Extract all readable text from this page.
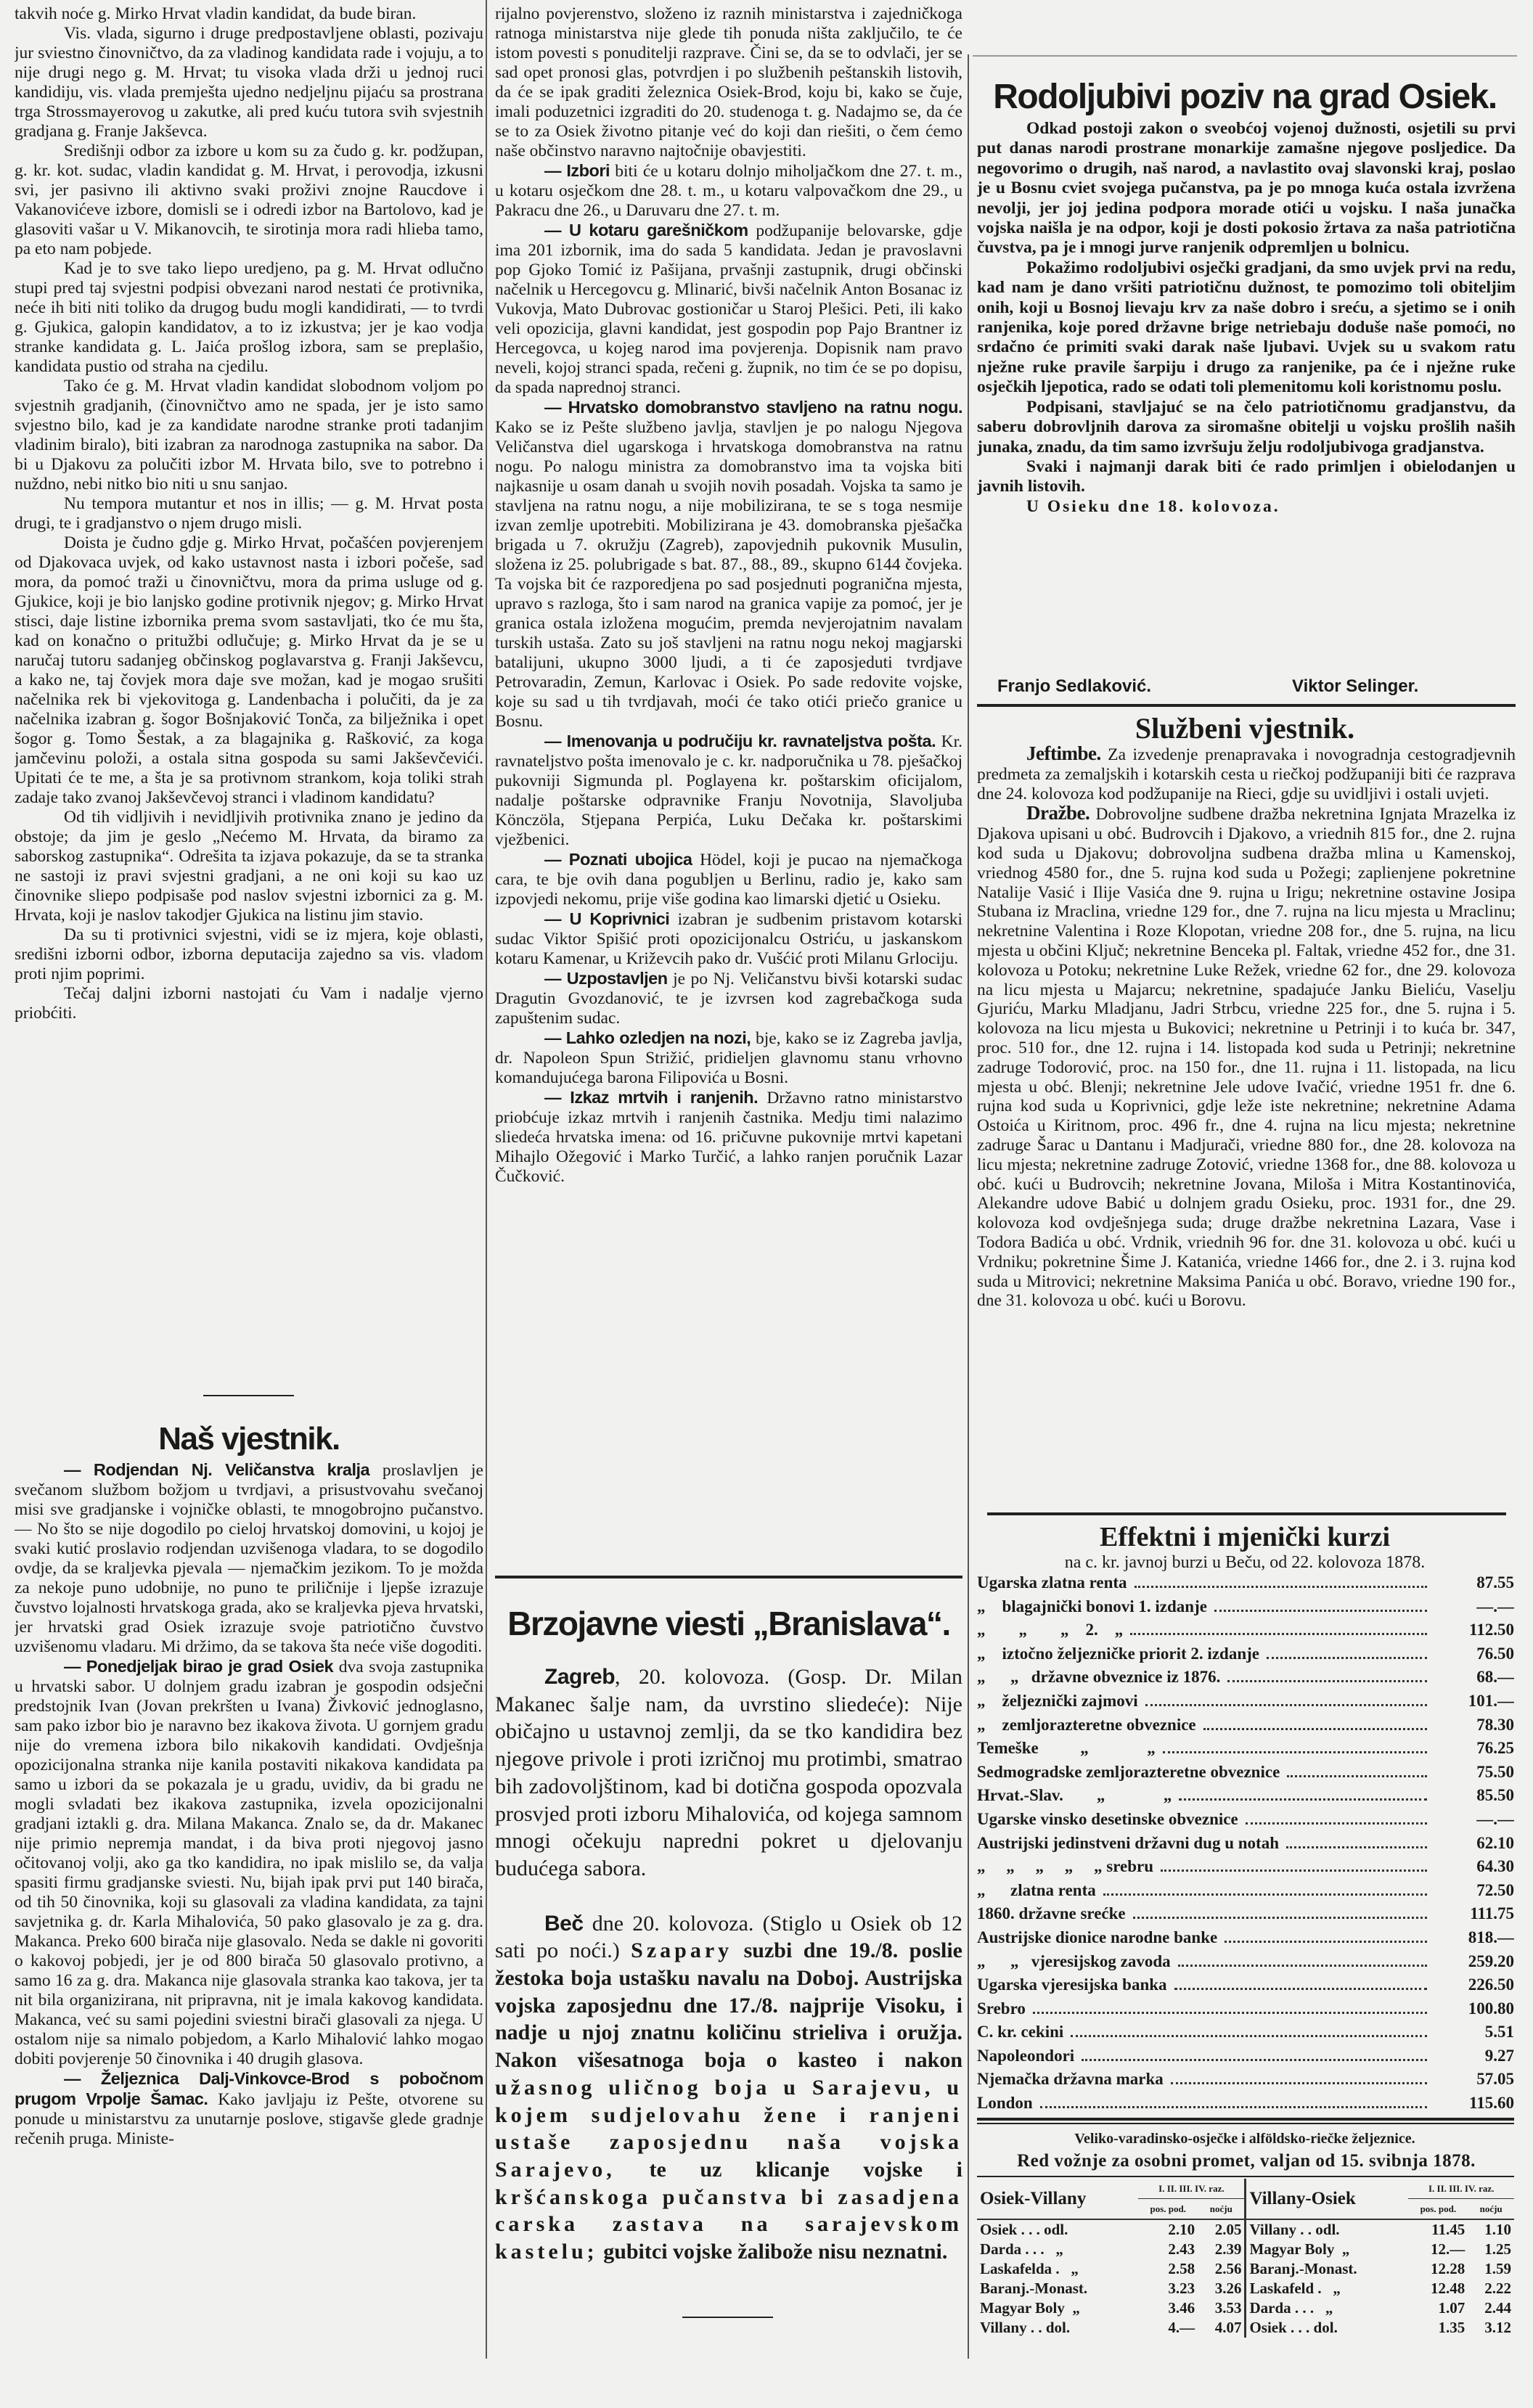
takvih noće g. Mirko Hrvat vladin kandidat, da bude biran.

Vis. vlada, sigurno i druge predpostavljene oblasti, pozivaju jur sviestno činovničtvo, da za vladinog kandidata rade i vojuju, a to nije drugi nego g. M. Hrvat; tu visoka vlada drži u jednoj ruci kandidiju, vis. vlada premješta ujedno nedjeljnu pijaću sa prostrana trga Strossmayerovog u zakutke, ali pred kuću tutora svih svjestnih gradjana g. Franje Jakševca.

Središnji odbor za izbore u kom su za čudo g. kr. podžupan, g. kr. kot. sudac, vladin kandidat g. M. Hrvat, i perovodja, izkusni svi, jer pasivno ili aktivno svaki proživi znojne Raucdove i Vakanovićeve izbore, domisli se i odredi izbor na Bartolovo, kad je glasoviti vašar u V. Mikanovcih, te sirotinja mora radi hlieba tamo, pa eto nam pobjede.

Kad je to sve tako liepo uredjeno, pa g. M. Hrvat odlučno stupi pred taj svjestni podpisi obvezani narod nestati će protivnika, neće ih biti niti toliko da drugog budu mogli kandidirati, — to tvrdi g. Gjukica, galopin kandidatov, a to iz izkustva; jer je kao vodja stranke kandidata g. L. Jaića prošlog izbora, sam se preplašio, kandidata pustio od straha na cjedilu.

Tako će g. M. Hrvat vladin kandidat slobodnom voljom po svjestnih gradjanih, (činovničtvo amo ne spada, jer je isto samo svjestno bilo, kad je za kandidate narodne stranke proti tadanjim vladinim biralo), biti izabran za narodnoga zastupnika na sabor. Da bi u Djakovu za polučiti izbor M. Hrvata bilo, sve to potrebno i nuždno, nebi nitko bio niti u snu sanjao.

Nu tempora mutantur et nos in illis; — g. M. Hrvat posta drugi, te i gradjanstvo o njem drugo misli.

Doista je čudno gdje g. Mirko Hrvat, počašćen povjerenjem od Djakovaca uvjek, od kako ustavnost nasta i izbori počeše, sad mora, da pomoć traži u činovničtvu, mora da prima usluge od g. Gjukice, koji je bio lanjsko godine protivnik njegov; g. Mirko Hrvat stisci, daje listine izbornika prema svom sastavljati, tko će mu šta, kad on konačno o pritužbi odlučuje; g. Mirko Hrvat da je se u naručaj tutoru sadanjeg občinskog poglavarstva g. Franji Jakševcu, a kako ne, taj čovjek mora daje sve možan, kad je mogao srušiti načelnika rek bi vjekovitoga g. Landenbacha i polučiti, da je za načelnika izabran g. šogor Bošnjaković Tonča, za bilježnika i opet šogor g. Tomo Šestak, a za blagajnika g. Rašković, za koga jamčevinu položi, a ostala sitna gospoda su sami Jakševčevići. Upitati će te me, a šta je sa protivnom strankom, koja toliki strah zadaje tako zvanoj Jakševčevoj stranci i vladinom kandidatu?

Od tih vidljivih i nevidljivih protivnika znano je jedino da obstoje; da jim je geslo „Nećemo M. Hrvata, da biramo za saborskog zastupnika“. Odrešita ta izjava pokazuje, da se ta stranka ne sastoji iz pravi svjestni gradjani, a ne oni koji su kao uz činovnike sliepo podpisaše pod naslov svjestni izbornici za g. M. Hrvata, koji je naslov takodjer Gjukica na listinu jim stavio.

Da su ti protivnici svjestni, vidi se iz mjera, koje oblasti, središni izborni odbor, izborna deputacija zajedno sa vis. vladom proti njim poprimi.

Tečaj daljni izborni nastojati ću Vam i nadalje vjerno priobćiti.

Naš vjestnik.

— Rodjendan Nj. Veličanstva kralja proslavljen je svečanom službom božjom u tvrdjavi, a prisustvovahu svečanoj misi sve gradjanske i vojničke oblasti, te mnogobrojno pučanstvo. — No što se nije dogodilo po cieloj hrvatskoj domovini, u kojoj je svaki kutić proslavio rodjendan uzvišenoga vladara, to se dogodilo ovdje, da se kraljevka pjevala — njemačkim jezikom. To je možda za nekoje puno udobnije, no puno te priličnije i ljepše izrazuje čuvstvo lojalnosti hrvatskoga grada, ako se kraljevka pjeva hrvatski, jer hrvatski grad Osiek izrazuje svoje patriotično čuvstvo uzvišenomu vladaru. Mi držimo, da se takova šta neće više dogoditi.

— Ponedjeljak birao je grad Osiek dva svoja zastupnika u hrvatski sabor. U dolnjem gradu izabran je gospodin odsječni predstojnik Ivan (Jovan prekršten u Ivana) Živković jednoglasno, sam pako izbor bio je naravno bez ikakova života. U gornjem gradu nije do vremena izbora bilo nikakovih kandidati. Ovdješnja opozicijonalna stranka nije kanila postaviti nikakova kandidata pa samo u izbori da se pokazala je u gradu, uvidiv, da bi gradu ne mogli svladati bez ikakova zastupnika, izvela opozicijonalni gradjani iztakli g. dra. Milana Makanca. Znalo se, da dr. Makanec nije primio nepremja mandat, i da biva proti njegovoj jasno očitovanoj volji, ako ga tko kandidira, no ipak mislilo se, da valja spasiti firmu gradjanske sviesti. Nu, bijah ipak prvi put 140 birača, od tih 50 činovnika, koji su glasovali za vladina kandidata, za tajni savjetnika g. dr. Karla Mihalovića, 50 pako glasovalo je za g. dra. Makanca. Preko 600 birača nije glasovalo. Neda se dakle ni govoriti o kakovoj pobjedi, jer je od 800 birača 50 glasovalo protivno, a samo 16 za g. dra. Makanca nije glasovala stranka kao takova, jer ta nit bila organizirana, nit pripravna, nit je imala kakovog kandidata. Makanca, već su sami pojedini sviestni birači glasovali za njega. U ostalom nije sa nimalo pobjedom, a Karlo Mihalović lahko mogao dobiti povjerenje 50 činovnika i 40 drugih glasova.

— Željeznica Dalj-Vinkovce-Brod s pobočnom prugom Vrpolje Šamac. Kako javljaju iz Pešte, otvorene su ponude u ministarstvu za unutarnje poslove, stigavše glede gradnje rečenih pruga. Ministe-

rijalno povjerenstvo, složeno iz raznih ministarstva i zajedničkoga ratnoga ministarstva nije glede tih ponuda ništa zaključilo, te će istom povesti s ponuditelji razprave. Čini se, da se to odvlači, jer se sad opet pronosi glas, potvrdjen i po službenih peštanskih listovih, da će se ipak graditi železnica Osiek-Brod, koju bi, kako se čuje, imali poduzetnici izgraditi do 20. studenoga t. g. Nadajmo se, da će se to za Osiek životno pitanje već do koji dan riešiti, o čem ćemo naše občinstvo naravno najtočnije obavjestiti.

— Izbori biti će u kotaru dolnjo miholjačkom dne 27. t. m., u kotaru osječkom dne 28. t. m., u kotaru valpovačkom dne 29., u Pakracu dne 26., u Daruvaru dne 27. t. m.

— U kotaru garešničkom podžupanije belovarske, gdje ima 201 izbornik, ima do sada 5 kandidata. Jedan je pravoslavni pop Gjoko Tomić iz Pašijana, prvašnji zastupnik, drugi občinski načelnik u Hercegovcu g. Mlinarić, bivši načelnik Anton Bosanac iz Vukovja, Mato Dubrovac gostioničar u Staroj Plešici. Peti, ili kako veli opozicija, glavni kandidat, jest gospodin pop Pajo Brantner iz Hercegovca, u kojeg narod ima povjerenja. Dopisnik nam pravo neveli, kojoj stranci spada, rečeni g. župnik, no tim će se po dopisu, da spada naprednoj stranci.

— Hrvatsko domobranstvo stavljeno na ratnu nogu. Kako se iz Pešte službeno javlja, stavljen je po nalogu Njegova Veličanstva diel ugarskoga i hrvatskoga domobranstva na ratnu nogu. Po nalogu ministra za domobranstvo ima ta vojska biti najkasnije u osam danah u svojih novih posadah. Vojska ta samo je stavljena na ratnu nogu, a nije mobilizirana, te se s toga nesmije izvan zemlje upotrebiti. Mobilizirana je 43. domobranska pješačka brigada u 7. okružju (Zagreb), zapovjednih pukovnik Musulin, složena iz 25. polubrigade s bat. 87., 88., 89., skupno 6144 čovjeka. Ta vojska bit će razporedjena po sad posjednuti pogranična mjesta, upravo s razloga, što i sam narod na granica vapije za pomoć, jer je granica ostala izložena mogućim, premda nevjerojatnim navalam turskih ustaša. Zato su još stavljeni na ratnu nogu nekoj magjarski batalijuni, ukupno 3000 ljudi, a ti će zaposjeduti tvrdjave Petrovaradin, Zemun, Karlovac i Osiek. Po sade redovite vojske, koje su sad u tih tvrdjavah, moći će tako otići priečo granice u Bosnu.

— Imenovanja u područiju kr. ravnateljstva pošta. Kr. ravnateljstvo pošta imenovalo je c. kr. nadporučnika u 78. pješačkoj pukovniji Sigmunda pl. Poglayena kr. poštarskim oficijalom, nadalje poštarske odpravnike Franju Novotnija, Slavoljuba Könczöla, Stjepana Perpića, Luku Dečaka kr. poštarskimi vježbenici.

— Poznati ubojica Hödel, koji je pucao na njemačkoga cara, te bje ovih dana pogubljen u Berlinu, radio je, kako sam izpovjedi nekomu, prije više godina kao limarski djetić u Osieku.

— U Koprivnici izabran je sudbenim pristavom kotarski sudac Viktor Spišić proti opozicijonalcu Ostriću, u jaskanskom kotaru Kamenar, u Križevcih pako dr. Vušćić proti Milanu Grlociju.

— Uzpostavljen je po Nj. Veličanstvu bivši kotarski sudac Dragutin Gvozdanović, te je izvrsen kod zagrebačkoga suda zapuštenim sudac.

— Lahko ozledjen na nozi, bje, kako se iz Zagreba javlja, dr. Napoleon Spun Strižić, pridieljen glavnomu stanu vrhovno komandujućega barona Filipovića u Bosni.

— Izkaz mrtvih i ranjenih. Državno ratno ministarstvo priobćuje izkaz mrtvih i ranjenih častnika. Medju timi nalazimo sliedeća hrvatska imena: od 16. pričuvne pukovnije mrtvi kapetani Mihajlo Ožegović i Marko Turčić, a lahko ranjen poručnik Lazar Čučković.

Brzojavne viesti „Branislava“.

Zagreb, 20. kolovoza. (Gosp. Dr. Milan Makanec šalje nam, da uvrstino sliedeće): Nije običajno u ustavnoj zemlji, da se tko kandidira bez njegove privole i proti izričnoj mu protimbi, smatrao bih zadovoljštinom, kad bi dotična gospoda opozvala prosvjed proti izboru Mihalovića, od kojega samnom mnogi očekuju napredni pokret u djelovanju budućega sabora.

Beč dne 20. kolovoza. (Stiglo u Osiek ob 12 sati po noći.) Szapary suzbi dne 19./8. poslie žestoka boja ustašku navalu na Doboj. Austrijska vojska zaposjednu dne 17./8. najprije Visoku, i nadje u njoj znatnu količinu strieliva i oružja. Nakon višesatnoga boja o kasteo i nakon užasnog uličnog boja u Sarajevu, u kojem sudjelovahu žene i ranjeni ustaše zaposjednu naša vojska Sarajevo, te uz klicanje vojske i kršćanskoga pučanstva bi zasadjena carska zastava na sarajevskom kastelu; gubitci vojske žalibože nisu neznatni.

Rodoljubivi poziv na grad Osiek.

Odkad postoji zakon o sveobćoj vojenoj dužnosti, osjetili su prvi put danas narodi prostrane monarkije zamašne njegove posljedice. Da negovorimo o drugih, naš narod, a navlastito ovaj slavonski kraj, poslao je u Bosnu cviet svojega pučanstva, pa je po mnoga kuća ostala izvržena nevolji, jer joj jedina podpora morade otići u vojsku. I naša junačka vojska naišla je na odpor, koji je dosti pokosio žrtava za naša patriotična čuvstva, pa je i mnogi jurve ranjenik odpremljen u bolnicu.

Pokažimo rodoljubivi osječki gradjani, da smo uvjek prvi na redu, kad nam je dano vršiti patriotičnu dužnost, te pomozimo toli obiteljim onih, koji u Bosnoj lievaju krv za naše dobro i sreću, a sjetimo se i onih ranjenika, koje pored državne brige netriebaju doduše naše pomoći, no srdačno će primiti svaki darak naše ljubavi. Uvjek su u svakom ratu nježne ruke pravile šarpiju i drugo za ranjenike, pa će i nježne ruke osječkih ljepotica, rado se odati toli plemenitomu koli koristnomu poslu.

Podpisani, stavljajuć se na čelo patriotičnomu gradjanstvu, da saberu dobrovljnih darova za siromašne obitelji u vojsku prošlih naših junaka, znadu, da tim samo izvršuju želju rodoljubivoga gradjanstva.

Svaki i najmanji darak biti će rado primljen i obielodanjen u javnih listovih.

U Osieku dne 18. kolovoza.

Franjo Sedlaković.	Viktor Selinger.
Službeni vjestnik.

Jeftimbe. Za izvedenje prenapravaka i novogradnja cestogradjevnih predmeta za zemaljskih i kotarskih cesta u riečkoj podžupaniji biti će razprava dne 24. kolovoza kod podžupanije na Rieci, gdje su uvidljivi i ostali uvjeti.

Dražbe. Dobrovoljne sudbene dražba nekretnina Ignjata Mrazelka iz Djakova upisani u obć. Budrovcih i Djakovo, a vriednih 815 for., dne 2. rujna kod suda u Djakovu; dobrovoljna sudbena dražba mlina u Kamenskoj, vriednog 4580 for., dne 5. rujna kod suda u Požegi; zaplienjene pokretnine Natalije Vasić i Ilije Vasića dne 9. rujna u Irigu; nekretnine ostavine Josipa Stubana iz Mraclina, vriedne 129 for., dne 7. rujna na licu mjesta u Mraclinu; nekretnine Valentina i Roze Klopotan, vriedne 208 for., dne 5. rujna, na licu mjesta u občini Ključ; nekretnine Benceka pl. Faltak, vriedne 452 for., dne 31. kolovoza u Potoku; nekretnine Luke Režek, vriedne 62 for., dne 29. kolovoza na licu mjesta u Majarcu; nekretnine, spadajuće Janku Bieliću, Vaselju Gjuriću, Marku Mladjanu, Jadri Strbcu, vriedne 225 for., dne 5. rujna i 5. kolovoza na licu mjesta u Bukovici; nekretnine u Petrinji i to kuća br. 347, proc. 510 for., dne 12. rujna i 14. listopada kod suda u Petrinji; nekretnine zadruge Todorović, proc. na 150 for., dne 11. rujna i 11. listopada, na licu mjesta u obć. Blenji; nekretnine Jele udove Ivačić, vriedne 1951 fr. dne 6. rujna kod suda u Koprivnici, gdje leže iste nekretnine; nekretnine Adama Ostoića u Kiritnom, proc. 496 fr., dne 4. rujna na licu mjesta; nekretnine zadruge Šarac u Dantanu i Madjurači, vriedne 880 for., dne 28. kolovoza na licu mjesta; nekretnine zadruge Zotović, vriedne 1368 for., dne 88. kolovoza u obć. kući u Budrovcih; nekretnine Jovana, Miloša i Mitra Kostantinovića, Alekandre udove Babić u dolnjem gradu Osieku, proc. 1931 for., dne 29. kolovoza kod ovdješnjega suda; druge dražbe nekretnina Lazara, Vase i Todora Badića u obć. Vrdnik, vriednih 96 for. dne 31. kolovoza u obć. kući u Vrdniku; pokretnine Šime J. Katanića, vriedne 1466 for., dne 2. i 3. rujna kod suda u Mitrovici; nekretnine Maksima Panića u obć. Boravo, vriedne 190 for., dne 31. kolovoza u obć. kući u Borovu.

Effektni i mjenički kurzi
na c. kr. javnoj burzi u Beču, od 22. kolovoza 1878.
Ugarska zlatna renta	87.55
„    blagajnički bonovi 1. izdanje	—.—
„        „        „    2.    „	112.50
„    iztočno željezničke priorit 2. izdanje	76.50
„      „   državne obveznice iz 1876.	68.—
„    željeznički zajmovi	101.—
„    zemljorazteretne obveznice	78.30
Temeške          „              „	76.25
Sedmogradske zemljorazteretne obveznice	75.50
Hrvat.-Slav.        „              „	85.50
Ugarske vinsko desetinske obveznice	—.—
Austrijski jedinstveni državni dug u notah	62.10
„     „     „     „     „ srebru	64.30
„      zlatna renta	72.50
1860. državne srećke	111.75
Austrijske dionice narodne banke	818.—
„      „   vjeresijskog zavoda	259.20
Ugarska vjeresijska banka	226.50
Srebro	100.80
C. kr. cekini	5.51
Napoleondori	9.27
Njemačka državna marka	57.05
London	115.60
Veliko-varadinsko-osječke i alföldsko-riečke željeznice.
Red vožnje za osobni promet, valjan od 15. svibnja 1878.
Osiek-Villany	I. II. III. IV. raz.		Villany-Osiek	I. II. III. IV. raz.	
	pos. pod.	noćju		pos. pod.	noćju
Osiek . . . odl.	2.10	2.05	Villany . . odl.	11.45	1.10
Darda . . .   „	2.43	2.39	Magyar Boly  „	12.—	1.25
Laskafelda .   „	2.58	2.56	Baranj.-Monast.	12.28	1.59
Baranj.-Monast.	3.23	3.26	Laskafeld .   „	12.48	2.22
Magyar Boly  „	3.46	3.53	Darda . . .   „	1.07	2.44
Villany . . dol.	4.—	4.07	Osiek . . . dol.	1.35	3.12
